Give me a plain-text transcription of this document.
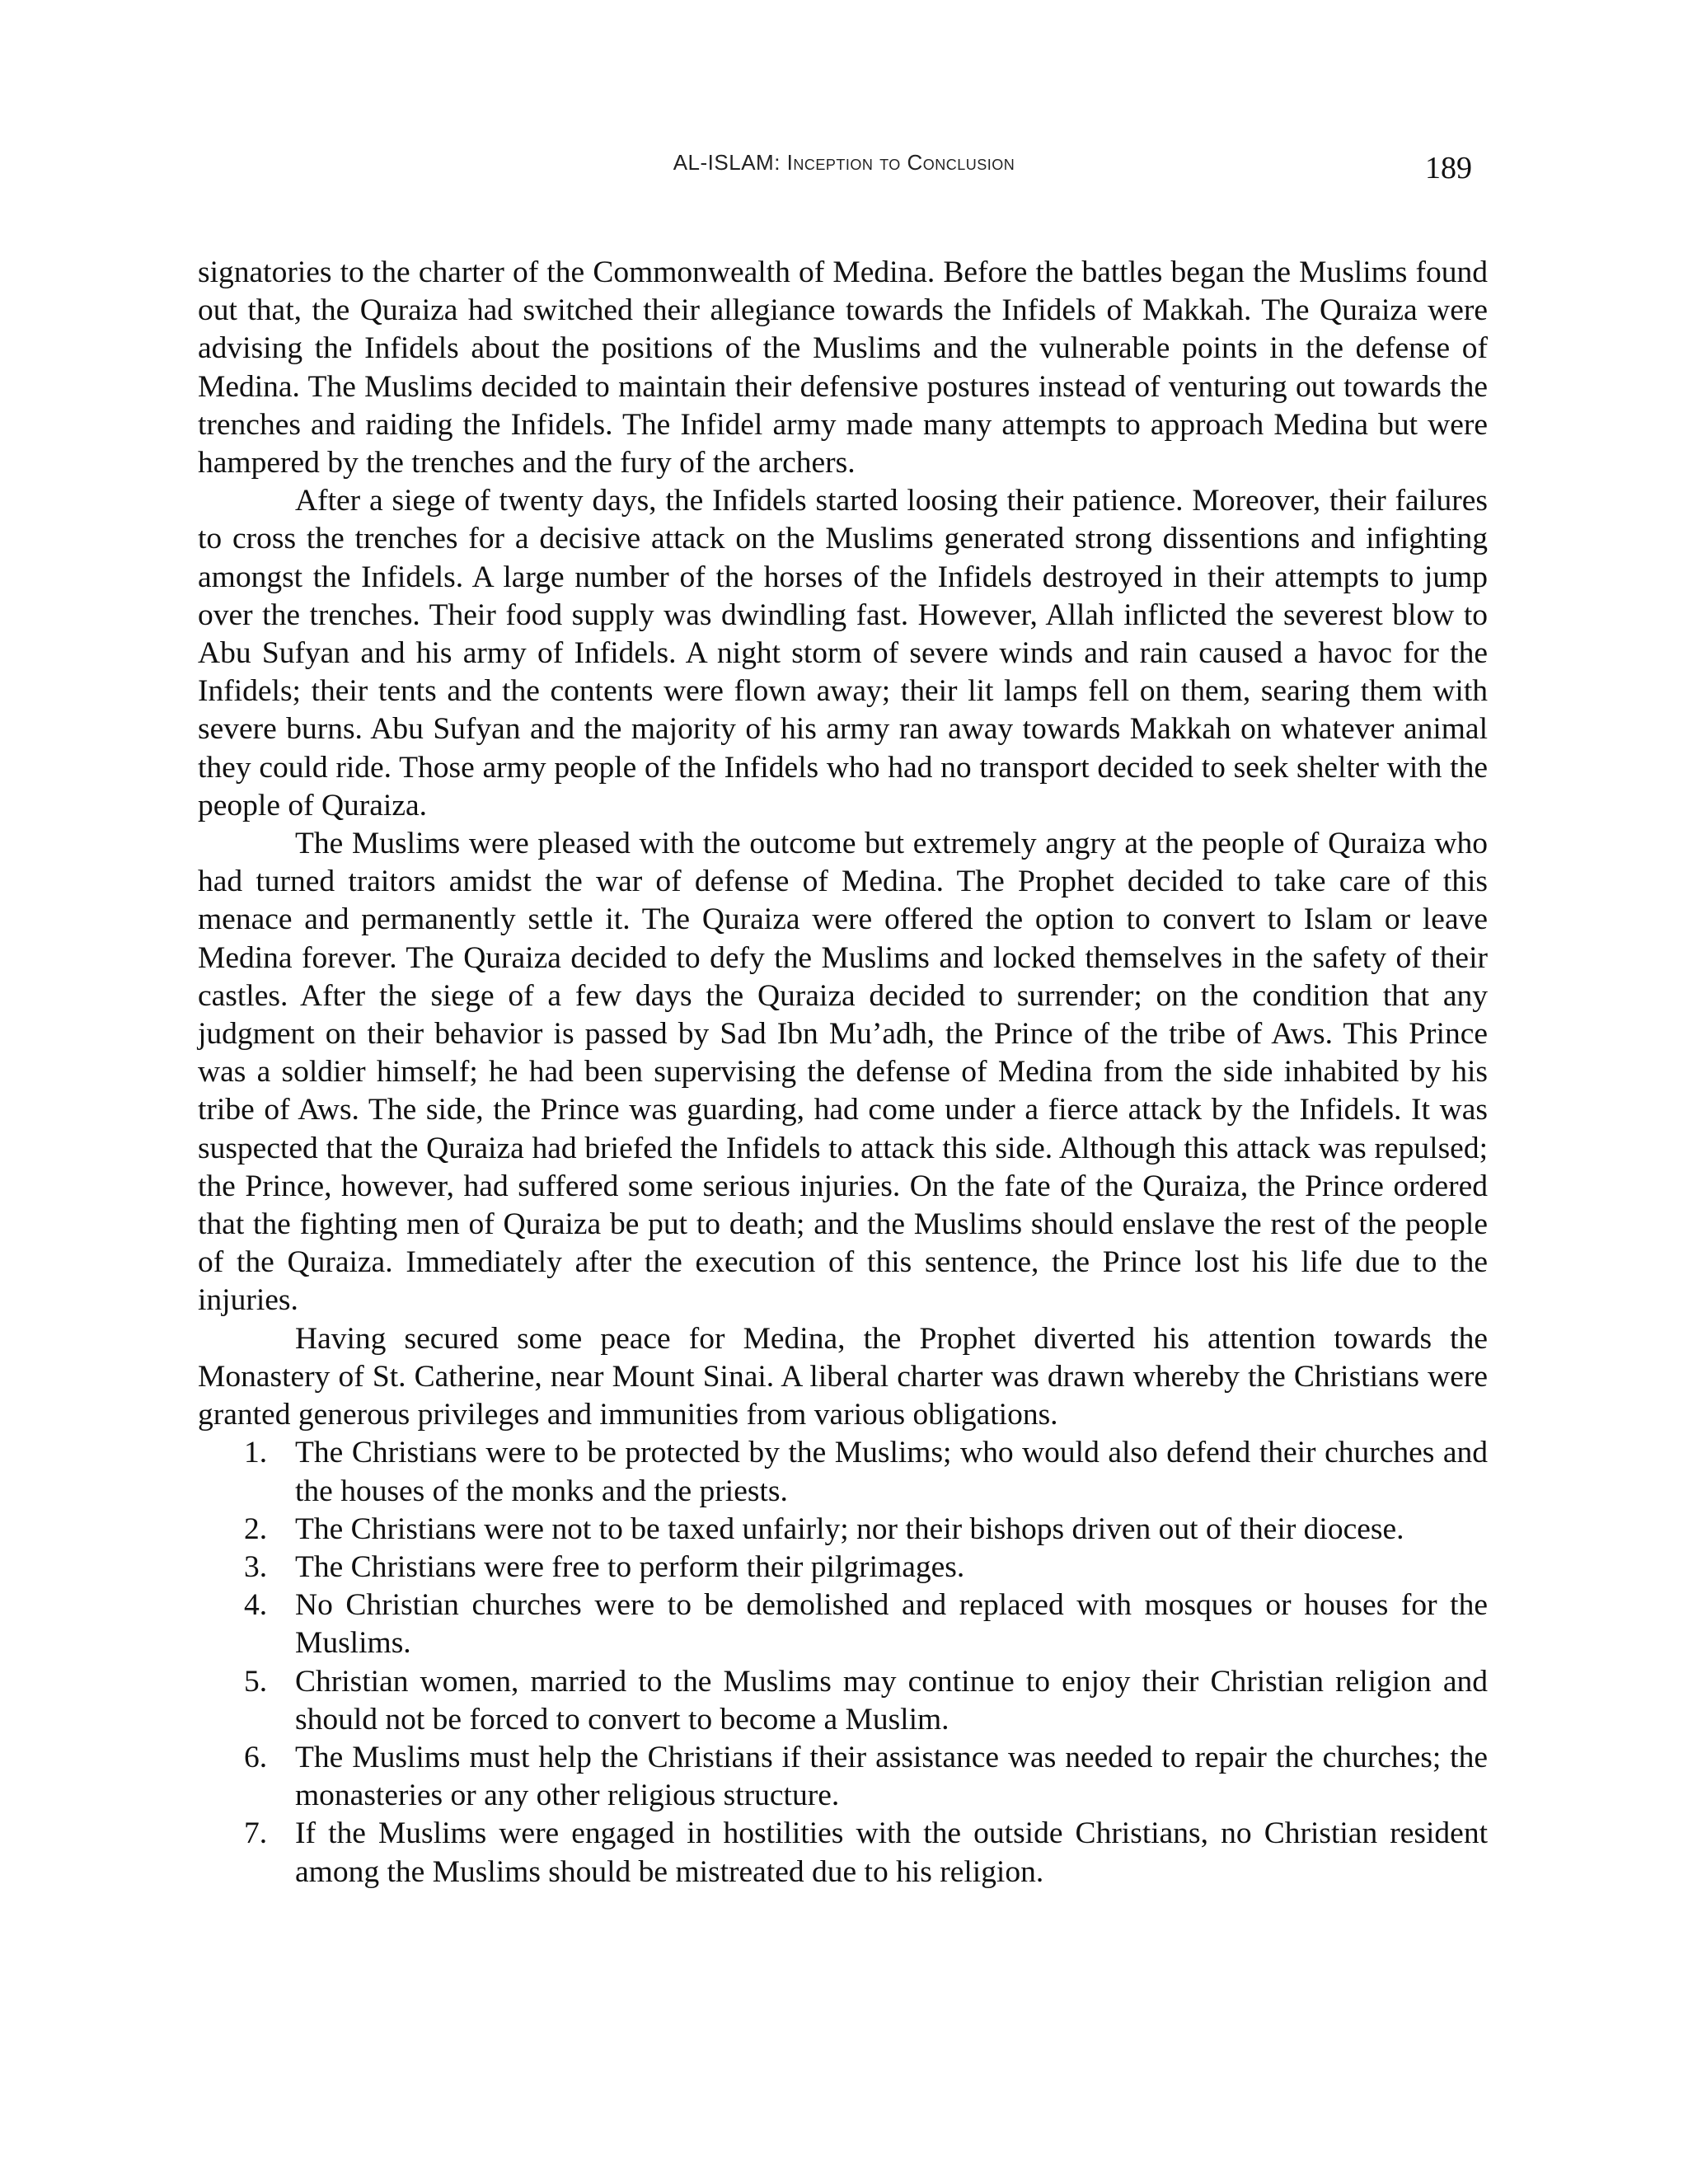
AL-ISLAM: Inception to Conclusion	189

signatories to the charter of the Commonwealth of Medina. Before the battles began the Muslims found out that, the Quraiza had switched their allegiance towards the Infidels of Makkah. The Quraiza were advising the Infidels about the positions of the Muslims and the vulnerable points in the defense of Medina. The Muslims decided to maintain their defensive postures instead of venturing out towards the trenches and raiding the Infidels. The Infidel army made many attempts to approach Medina but were hampered by the trenches and the fury of the archers.

After a siege of twenty days, the Infidels started loosing their patience. Moreover, their failures to cross the trenches for a decisive attack on the Muslims generated strong dissentions and infighting amongst the Infidels. A large number of the horses of the Infidels destroyed in their attempts to jump over the trenches. Their food supply was dwindling fast. However, Allah inflicted the severest blow to Abu Sufyan and his army of Infidels. A night storm of severe winds and rain caused a havoc for the Infidels; their tents and the contents were flown away; their lit lamps fell on them, searing them with severe burns. Abu Sufyan and the majority of his army ran away towards Makkah on whatever animal they could ride. Those army people of the Infidels who had no transport decided to seek shelter with the people of Quraiza.

The Muslims were pleased with the outcome but extremely angry at the people of Quraiza who had turned traitors amidst the war of defense of Medina. The Prophet decided to take care of this menace and permanently settle it. The Quraiza were offered the option to convert to Islam or leave Medina forever. The Quraiza decided to defy the Muslims and locked themselves in the safety of their castles. After the siege of a few days the Quraiza decided to surrender; on the condition that any judgment on their behavior is passed by Sad Ibn Mu’adh, the Prince of the tribe of Aws. This Prince was a soldier himself; he had been supervising the defense of Medina from the side inhabited by his tribe of Aws. The side, the Prince was guarding, had come under a fierce attack by the Infidels. It was suspected that the Quraiza had briefed the Infidels to attack this side. Although this attack was repulsed; the Prince, however, had suffered some serious injuries. On the fate of the Quraiza, the Prince ordered that the fighting men of Quraiza be put to death; and the Muslims should enslave the rest of the people of the Quraiza. Immediately after the execution of this sentence, the Prince lost his life due to the injuries.

Having secured some peace for Medina, the Prophet diverted his attention towards the Monastery of St. Catherine, near Mount Sinai. A liberal charter was drawn whereby the Christians were granted generous privileges and immunities from various obligations.

1. The Christians were to be protected by the Muslims; who would also defend their churches and the houses of the monks and the priests.
2. The Christians were not to be taxed unfairly; nor their bishops driven out of their diocese.
3. The Christians were free to perform their pilgrimages.
4. No Christian churches were to be demolished and replaced with mosques or houses for the Muslims.
5. Christian women, married to the Muslims may continue to enjoy their Christian religion and should not be forced to convert to become a Muslim.
6. The Muslims must help the Christians if their assistance was needed to repair the churches; the monasteries or any other religious structure.
7. If the Muslims were engaged in hostilities with the outside Christians, no Christian resident among the Muslims should be mistreated due to his religion.
